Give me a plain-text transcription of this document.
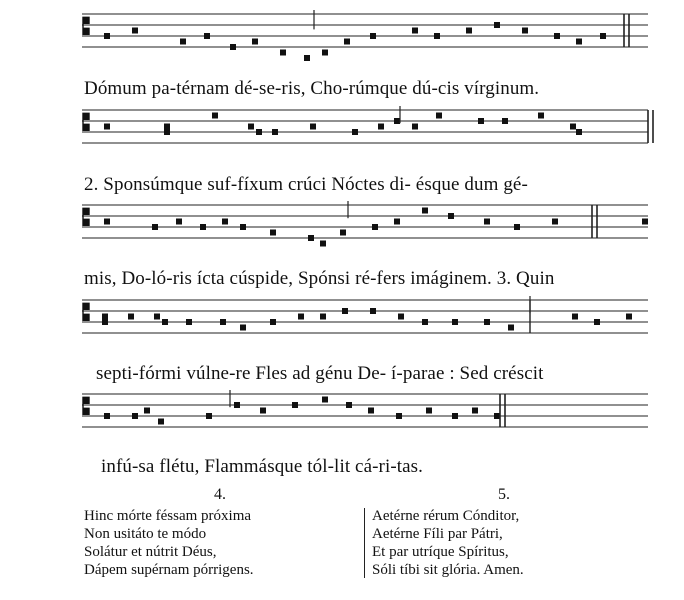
Dómum pa-térnam dé-se-ris, Cho-rúmque dú-cis vírginum.
2. Sponsúmque suf-fíxum crúci Nóctes di- ésque dum gé-
mis, Do-ló-ris ícta cúspide, Spónsi ré-fers imáginem. 3. Quin
septi-fórmi vúlne-re Fles ad génu De- í-parae : Sed créscit
infú-sa flétu, Flammásque tól-lit cá-ri-tas.
4.
Hinc mórte féssam próxima
Non usitáto te módo
Solátur et nútrit Déus,
Dápem supérnam pórrigens.
5.
Aetérne rérum Cónditor,
Aetérne Fíli par Pátri,
Et par utríque Spíritus,
Sóli tíbi sit glória. Amen.
